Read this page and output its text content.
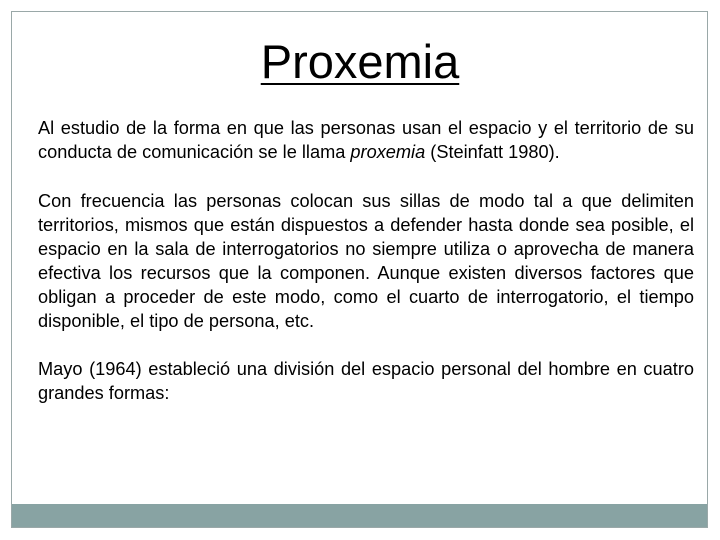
Proxemia

Al estudio de la forma en que las personas usan el espacio y el territorio de su conducta de comunicación se le llama proxemia (Steinfatt 1980).

Con frecuencia las personas colocan sus sillas de modo tal a que delimiten territorios, mismos que están dispuestos a defender hasta donde sea posible, el espacio en la sala de interrogatorios no siempre utiliza o aprovecha de manera efectiva los recursos que la componen. Aunque existen diversos factores que obligan a proceder de este modo, como el cuarto de interrogatorio, el tiempo disponible, el tipo de persona, etc.

Mayo (1964) estableció una división del espacio personal del hombre en cuatro grandes formas:
